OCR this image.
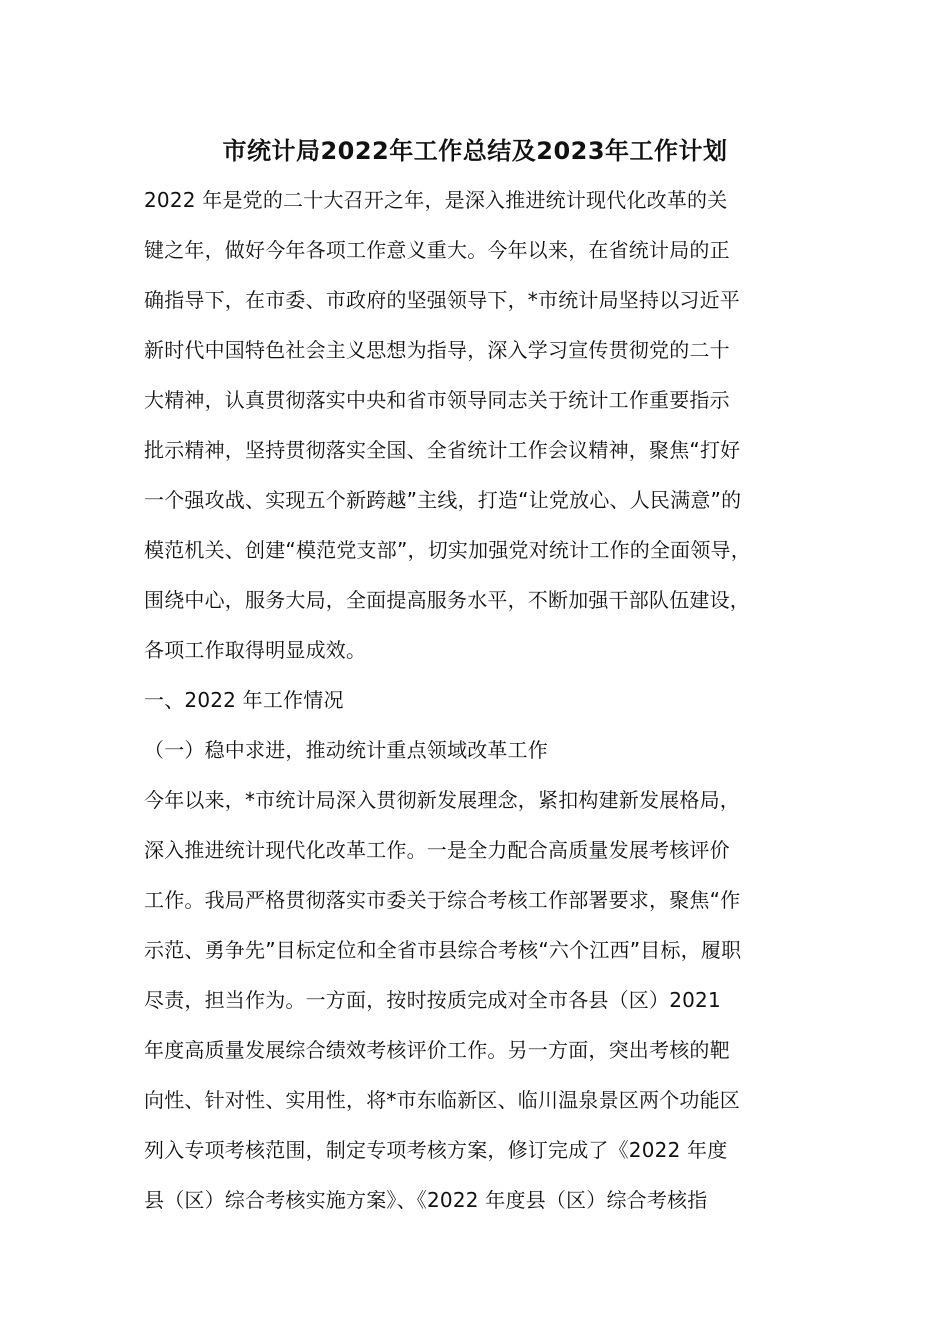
市统计局2022年工作总结及2023年工作计划
2022 年是党的二十大召开之年，是深入推进统计现代化改革的关
键之年，做好今年各项工作意义重大。今年以来，在省统计局的正
确指导下，在市委、市政府的坚强领导下，*市统计局坚持以习近平
新时代中国特色社会主义思想为指导，深入学习宣传贯彻党的二十
大精神，认真贯彻落实中央和省市领导同志关于统计工作重要指示
批示精神，坚持贯彻落实全国、全省统计工作会议精神，聚焦“打好
一个强攻战、实现五个新跨越”主线，打造“让党放心、人民满意”的
模范机关、创建“模范党支部”，切实加强党对统计工作的全面领导，
围绕中心，服务大局，全面提高服务水平，不断加强干部队伍建设，
各项工作取得明显成效。
一、2022 年工作情况
（一）稳中求进，推动统计重点领域改革工作
今年以来，*市统计局深入贯彻新发展理念，紧扣构建新发展格局，
深入推进统计现代化改革工作。一是全力配合高质量发展考核评价
工作。我局严格贯彻落实市委关于综合考核工作部署要求，聚焦“作
示范、勇争先”目标定位和全省市县综合考核“六个江西”目标，履职
尽责，担当作为。一方面，按时按质完成对全市各县（区）2021
年度高质量发展综合绩效考核评价工作。另一方面，突出考核的靶
向性、针对性、实用性，将*市东临新区、临川温泉景区两个功能区
列入专项考核范围，制定专项考核方案，修订完成了《2022 年度
县（区）综合考核实施方案》、《2022 年度县（区）综合考核指
